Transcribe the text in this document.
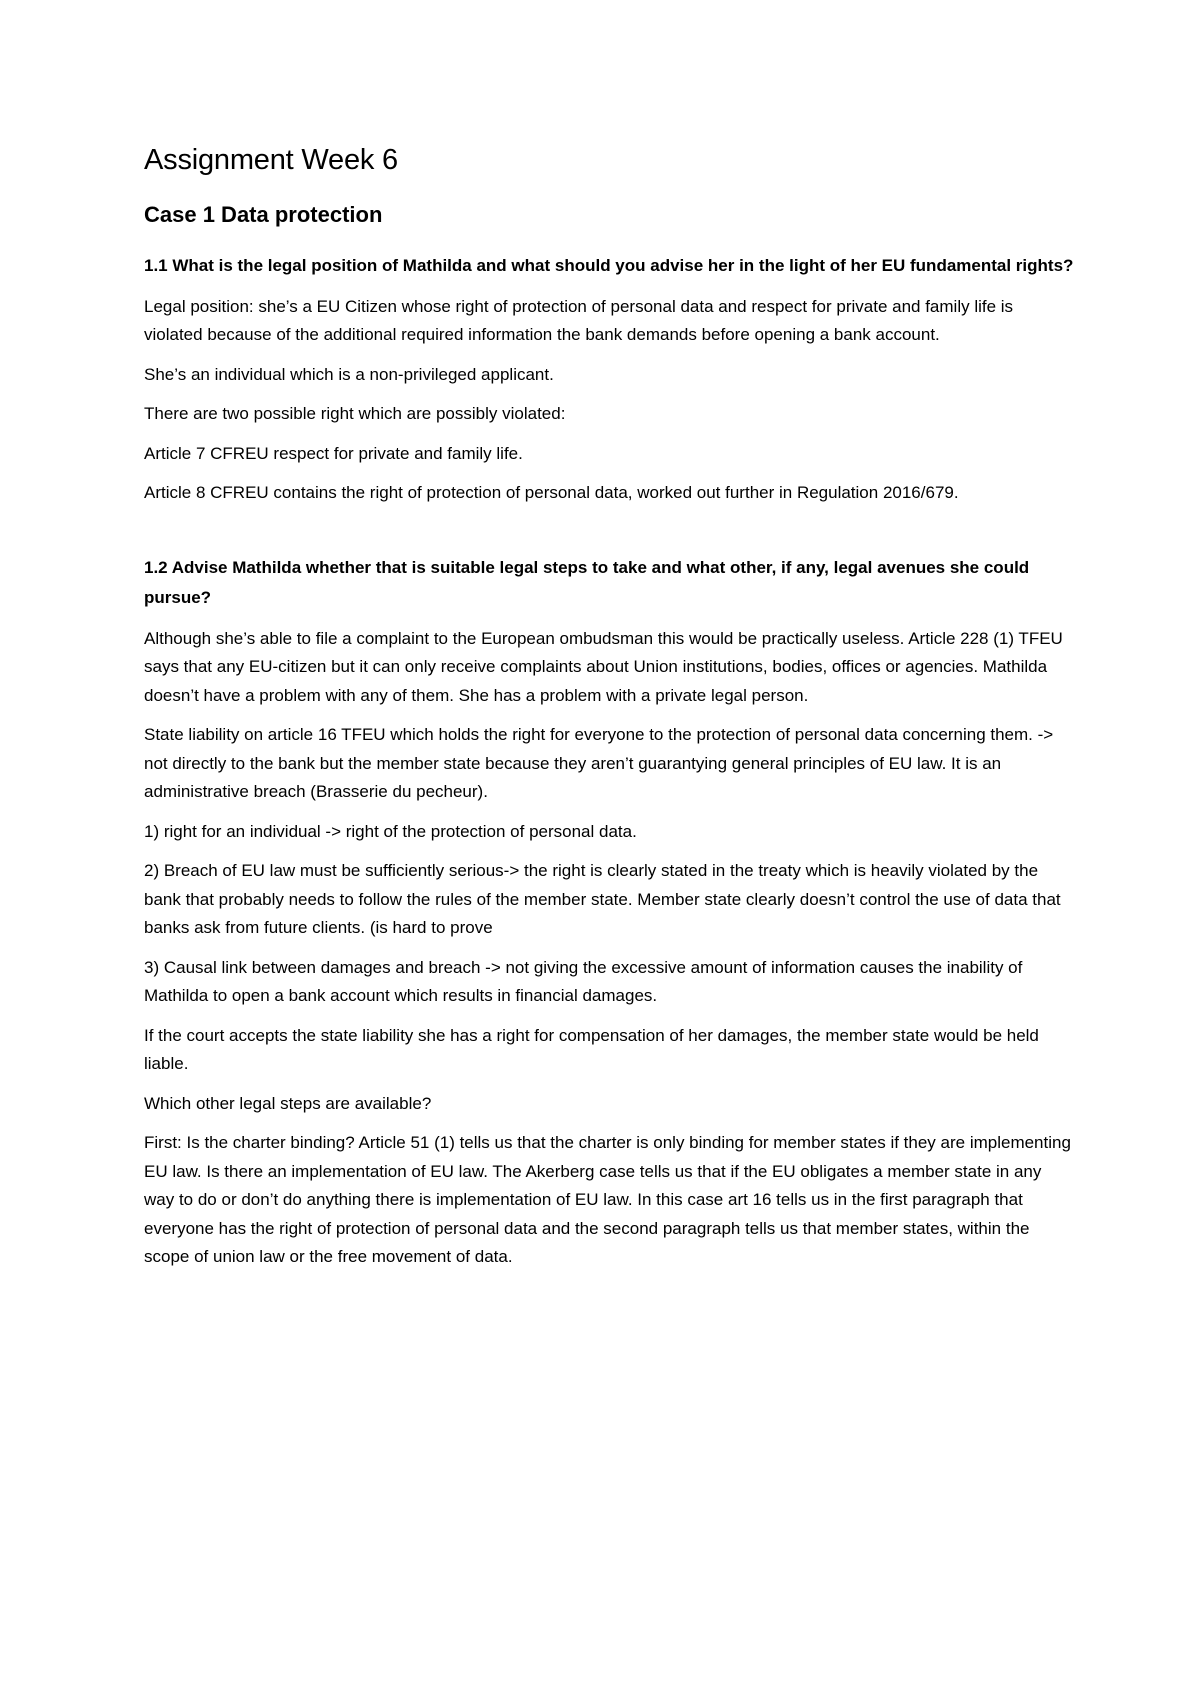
Assignment Week 6
Case 1 Data protection

1.1 What is the legal position of Mathilda and what should you advise her in the light of her EU fundamental rights?

Legal position: she’s a EU Citizen whose right of protection of personal data and respect for private and family life is violated because of the additional required information the bank demands before opening a bank account.

She’s an individual which is a non-privileged applicant.

There are two possible right which are possibly violated:

Article 7 CFREU respect for private and family life.

Article 8 CFREU contains the right of protection of personal data, worked out further in Regulation 2016/679.

1.2 Advise Mathilda whether that is suitable legal steps to take and what other, if any, legal avenues she could pursue?

Although she’s able to file a complaint to the European ombudsman this would be practically useless. Article 228 (1) TFEU says that any EU-citizen but it can only receive complaints about Union institutions, bodies, offices or agencies. Mathilda doesn’t have a problem with any of them. She has a problem with a private legal person.

State liability on article 16 TFEU which holds the right for everyone to the protection of personal data concerning them. -> not directly to the bank but the member state because they aren’t guarantying general principles of EU law. It is an administrative breach (Brasserie du pecheur).

1) right for an individual -> right of the protection of personal data.

2) Breach of EU law must be sufficiently serious-> the right is clearly stated in the treaty which is heavily violated by the bank that probably needs to follow the rules of the member state. Member state clearly doesn’t control the use of data that banks ask from future clients. (is hard to prove

3) Causal link between damages and breach -> not giving the excessive amount of information causes the inability of Mathilda to open a bank account which results in financial damages.

If the court accepts the state liability she has a right for compensation of her damages, the member state would be held liable.

Which other legal steps are available?

First: Is the charter binding? Article 51 (1) tells us that the charter is only binding for member states if they are implementing EU law. Is there an implementation of EU law. The Akerberg case tells us that if the EU obligates a member state in any way to do or don’t do anything there is implementation of EU law. In this case art 16 tells us in the first paragraph that everyone has the right of protection of personal data and the second paragraph tells us that member states, within the scope of union law or the free movement of data.
